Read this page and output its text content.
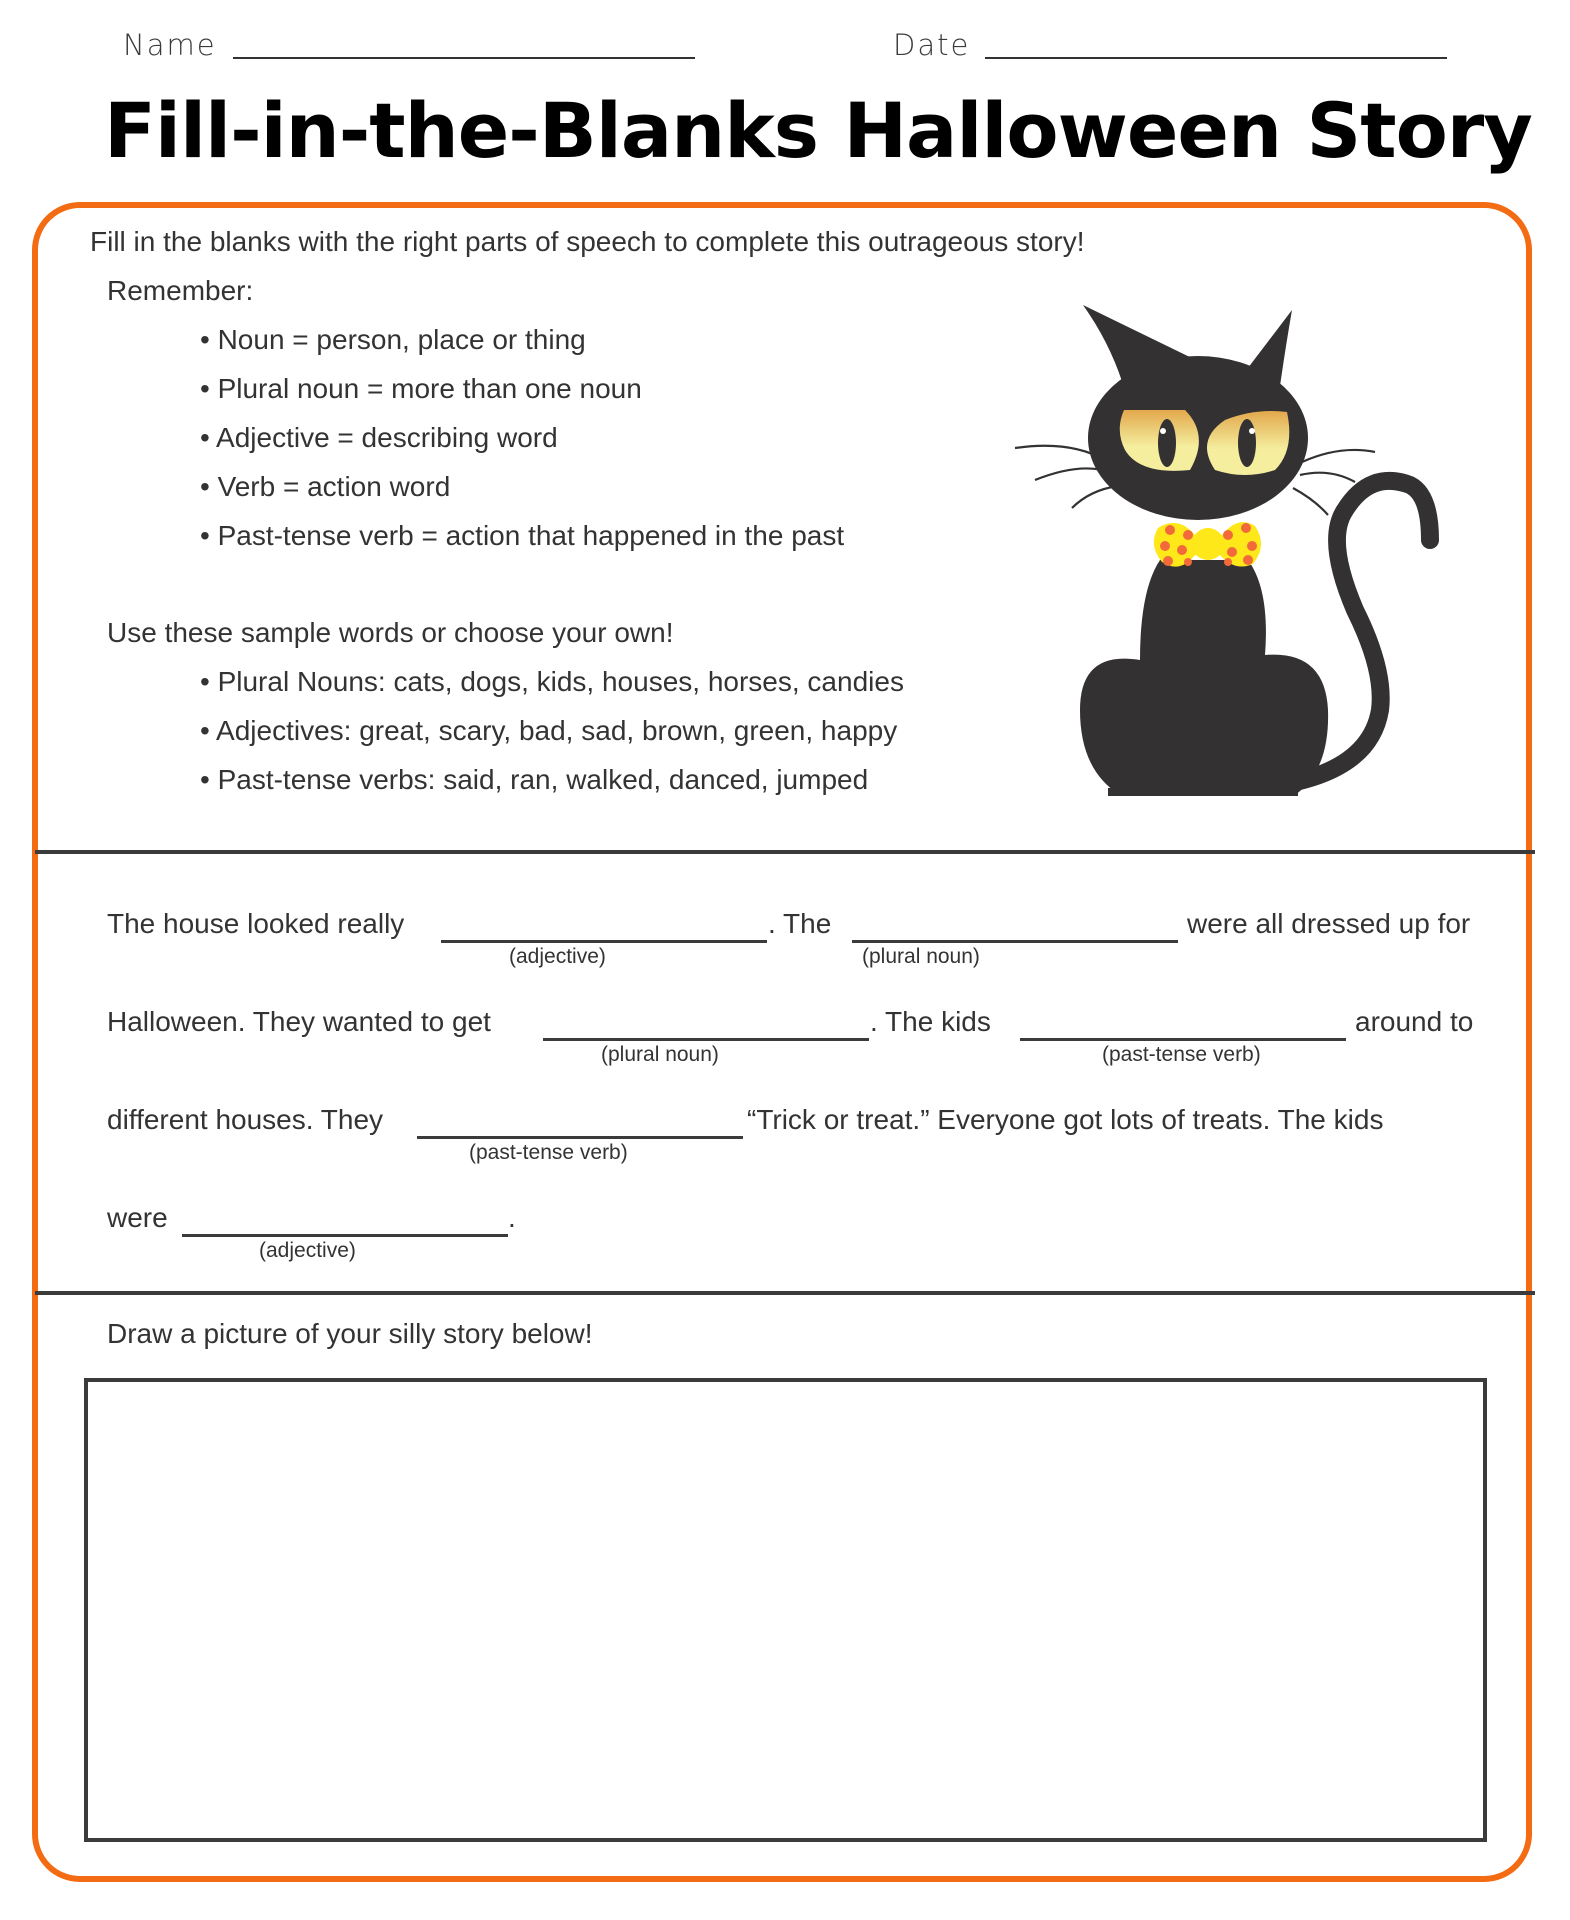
Name	Date
Fill-in-the-Blanks Halloween Story
Fill in the blanks with the right parts of speech to complete this outrageous story!
Remember:
• Noun = person, place or thing
• Plural noun = more than one noun
• Adjective = describing word
• Verb = action word
• Past-tense verb = action that happened in the past
Use these sample words or choose your own!
• Plural Nouns: cats, dogs, kids, houses, horses, candies
• Adjectives: great, scary, bad, sad, brown, green, happy
• Past-tense verbs: said, ran, walked, danced, jumped
The house looked really
(adjective)
. The
(plural noun)
were all dressed up for
Halloween. They wanted to get
(plural noun)
. The kids
(past-tense verb)
around to
different houses. They
(past-tense verb)
“Trick or treat.” Everyone got lots of treats. The kids
were
(adjective)
.
Draw a picture of your silly story below!
